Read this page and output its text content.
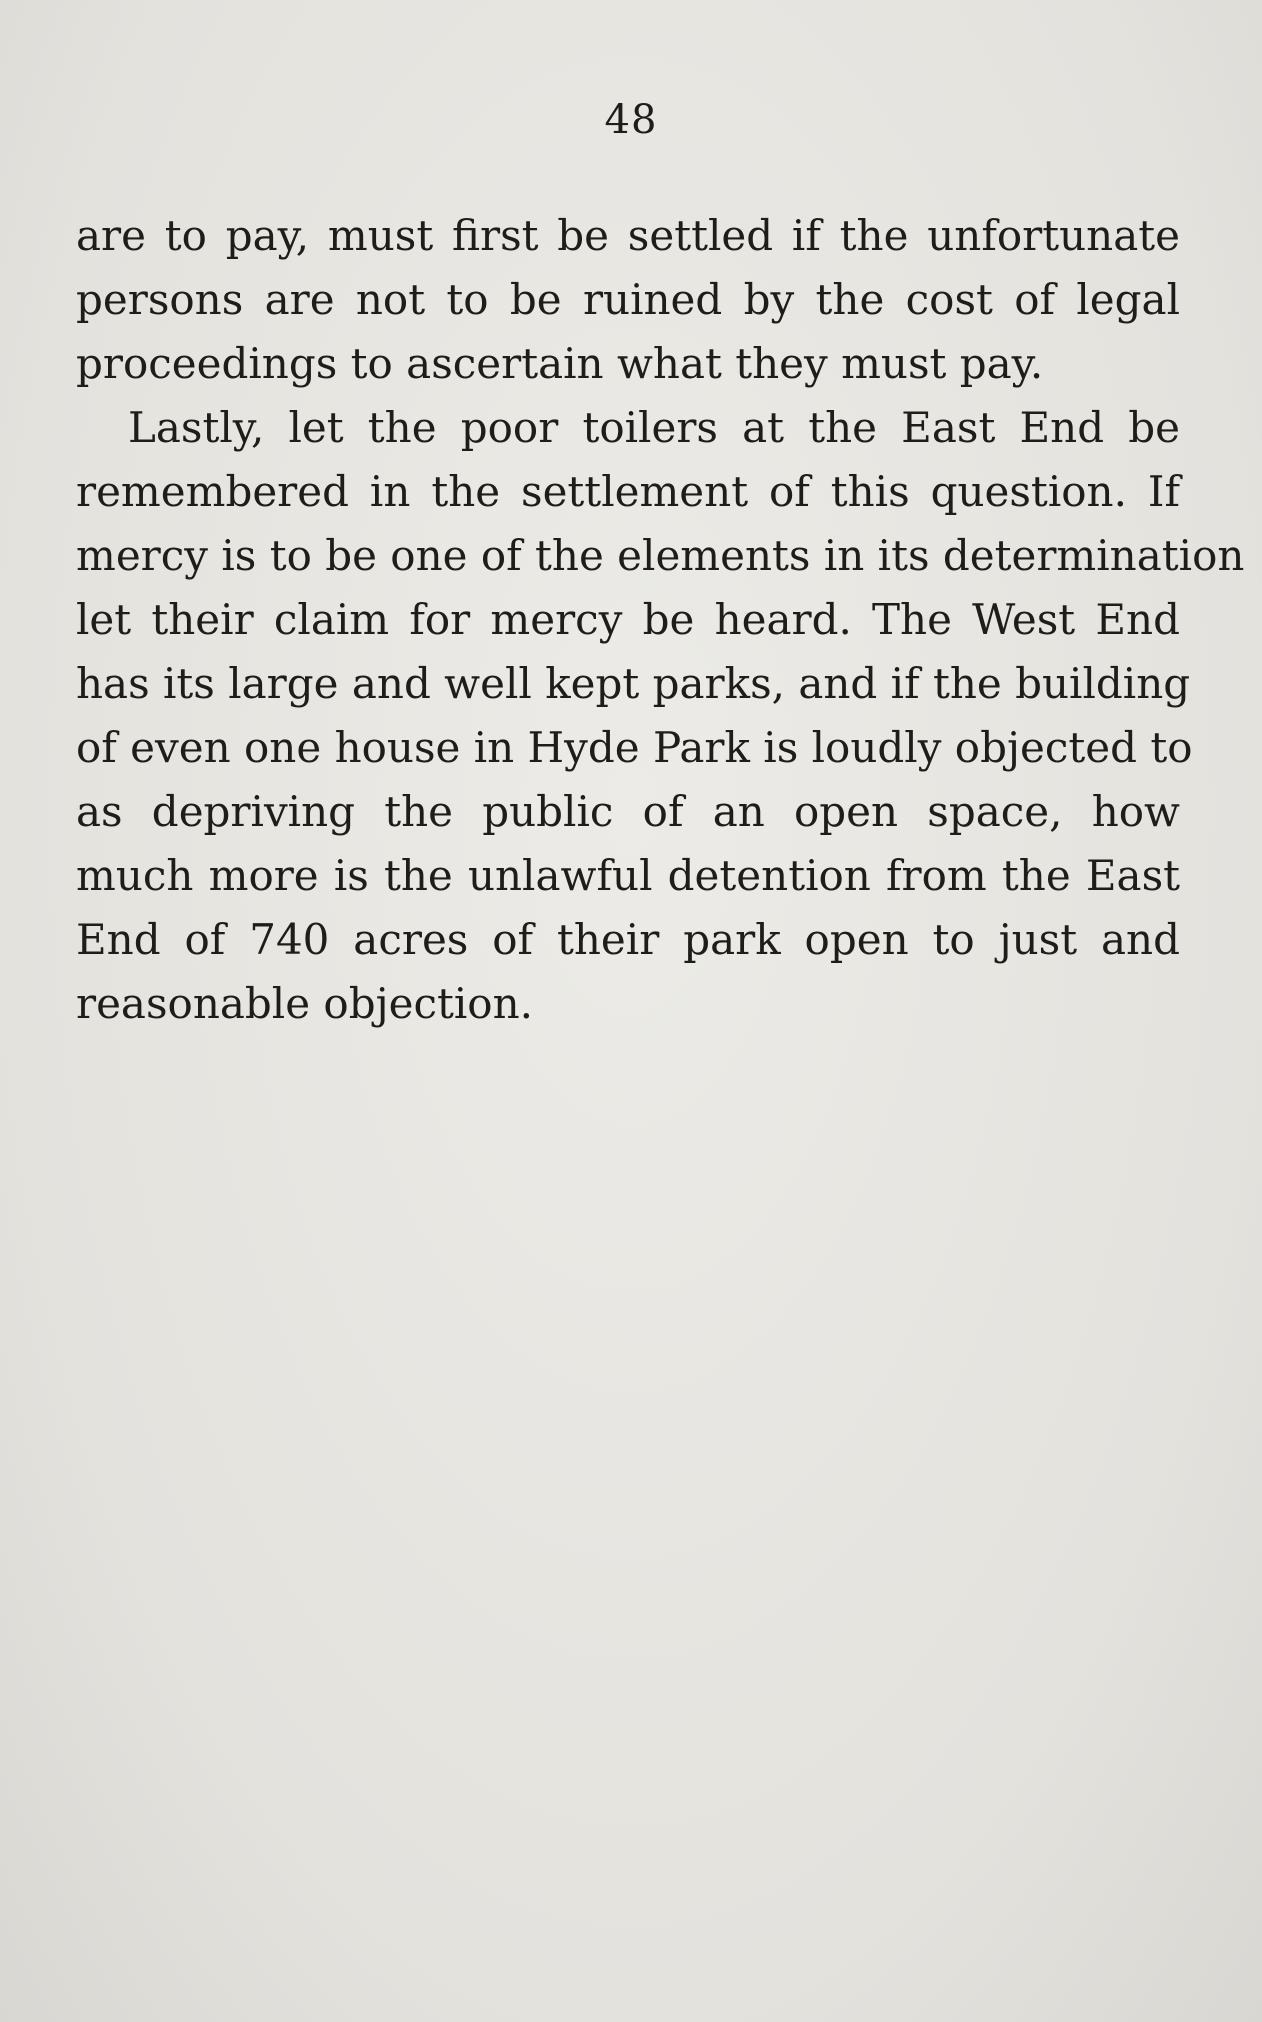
48

are to pay, must first be settled if the unfortunate
persons are not to be ruined by the cost of legal
proceedings to ascertain what they must pay.

Lastly, let the poor toilers at the East End be
remembered in the settlement of this question. If
mercy is to be one of the elements in its determination
let their claim for mercy be heard. The West End
has its large and well kept parks, and if the building
of even one house in Hyde Park is loudly objected to
as depriving the public of an open space, how
much more is the unlawful detention from the East
End of 740 acres of their park open to just and
reasonable objection.
